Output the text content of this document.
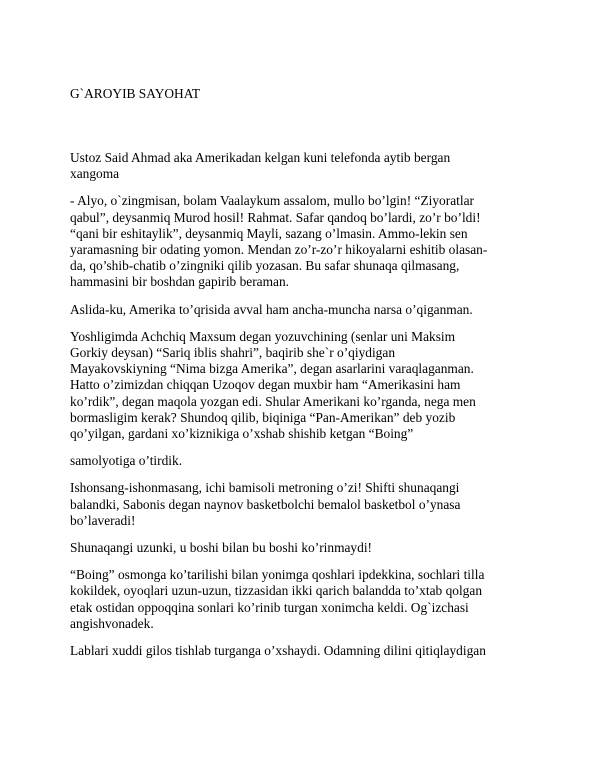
G`AROYIB SAYOHAT

Ustoz Said Ahmad aka Amerikadan kelgan kuni telefonda aytib bergan
xangoma

- Alyo, o`zingmisan, bolam Vaalaykum assalom, mullo bo’lgin! “Ziyoratlar
qabul”, deysanmiq Murod hosil! Rahmat. Safar qandoq bo’lardi, zo’r bo’ldi!
“qani bir eshitaylik”, deysanmiq Mayli, sazang o’lmasin. Ammo-lekin sen
yaramasning bir odating yomon. Mendan zo’r-zo’r hikoyalarni eshitib olasan-
da, qo’shib-chatib o’zingniki qilib yozasan. Bu safar shunaqa qilmasang,
hammasini bir boshdan gapirib beraman.

Aslida-ku, Amerika to’qrisida avval ham ancha-muncha narsa o’qiganman.

Yoshligimda Achchiq Maxsum degan yozuvchining (senlar uni Maksim
Gorkiy deysan) “Sariq iblis shahri”, baqirib she`r o’qiydigan
Mayakovskiyning “Nima bizga Amerika”, degan asarlarini varaqlaganman.
Hatto o’zimizdan chiqqan Uzoqov degan muxbir ham “Amerikasini ham
ko’rdik”, degan maqola yozgan edi. Shular Amerikani ko’rganda, nega men
bormasligim kerak? Shundoq qilib, biqiniga “Pan-Amerikan” deb yozib
qo’yilgan, gardani xo’kiznikiga o’xshab shishib ketgan “Boing”

samolyotiga o’tirdik.

Ishonsang-ishonmasang, ichi bamisoli metroning o’zi! Shifti shunaqangi
balandki, Sabonis degan naynov basketbolchi bemalol basketbol o’ynasa
bo’laveradi!

Shunaqangi uzunki, u boshi bilan bu boshi ko’rinmaydi!

“Boing” osmonga ko’tarilishi bilan yonimga qoshlari ipdekkina, sochlari tilla
kokildek, oyoqlari uzun-uzun, tizzasidan ikki qarich balandda to’xtab qolgan
etak ostidan oppoqqina sonlari ko’rinib turgan xonimcha keldi. Og`izchasi
angishvonadek.

Lablari xuddi gilos tishlab turganga o’xshaydi. Odamning dilini qitiqlaydigan
